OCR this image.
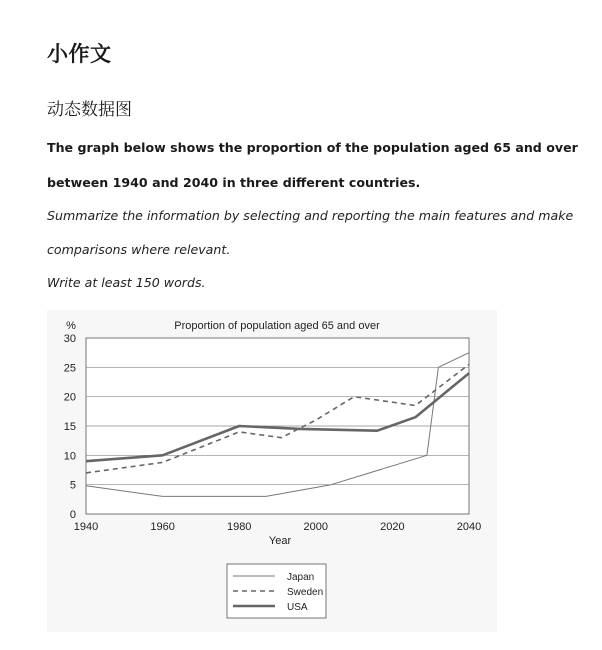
小作文
动态数据图
The graph below shows the proportion of the population aged 65 and over
between 1940 and 2040 in three different countries.
Summarize the information by selecting and reporting the main features and make
comparisons where relevant.
Write at least 150 words.
Proportion of population aged 65 and over
%
Year
0
5
10
15
20
25
30
1940	1960	1980	2000	2020	2040
Japan
Sweden
USA
